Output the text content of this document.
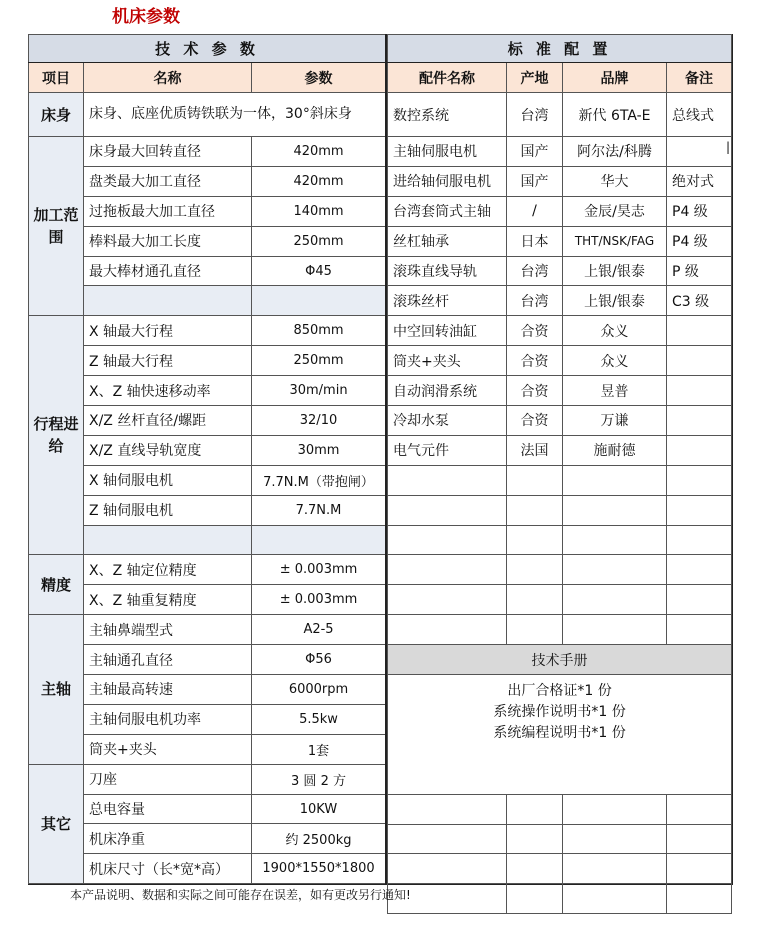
机床参数
技 术 参 数		
项目	名称	参数
床身	床身、底座优质铸铁联为一体，30°斜床身	
加工范围	床身最大回转直径	420mm
	盘类最大加工直径	420mm
	过拖板最大加工直径	140mm
	棒料最大加工长度	250mm
	最大棒材通孔直径	Φ45

行程进给	X 轴最大行程	850mm
	Z 轴最大行程	250mm
	X、Z 轴快速移动率	30m/min
	X/Z 丝杆直径/螺距	32/10
	X/Z 直线导轨宽度	30mm
	X 轴伺服电机	7.7N.M（带抱闸）
	Z 轴伺服电机	7.7N.M

精度	X、Z 轴定位精度	± 0.003mm
	X、Z 轴重复精度	± 0.003mm
主轴	主轴鼻端型式	A2-5
	主轴通孔直径	Φ56
	主轴最高转速	6000rpm
	主轴伺服电机功率	5.5kw
	筒夹+夹头	1套
其它	刀座	3 圆 2 方
	总电容量	10KW
	机床净重	约 2500kg
	机床尺寸（长*宽*高）	1900*1550*1800
标 准 配 置			
配件名称	产地	品牌	备注
数控系统	台湾	新代 6TA-E	总线式
主轴伺服电机	国产	阿尔法/科腾	
进给轴伺服电机	国产	华大	绝对式
台湾套筒式主轴	/	金辰/昊志	P4 级
丝杠轴承	日本	THT/NSK/FAG	P4 级
滚珠直线导轨	台湾	上银/银泰	P 级
滚珠丝杆	台湾	上银/银泰	C3 级
中空回转油缸	合资	众义	
筒夹+夹头	合资	众义	
自动润滑系统	合资	昱普	
冷却水泵	合资	万谦	
电气元件	法国	施耐德	

技术手册			

出厂合格证*1 份
系统操作说明书*1 份
系统编程说明书*1 份			

|
本产品说明、数据和实际之间可能存在误差，如有更改另行通知!
